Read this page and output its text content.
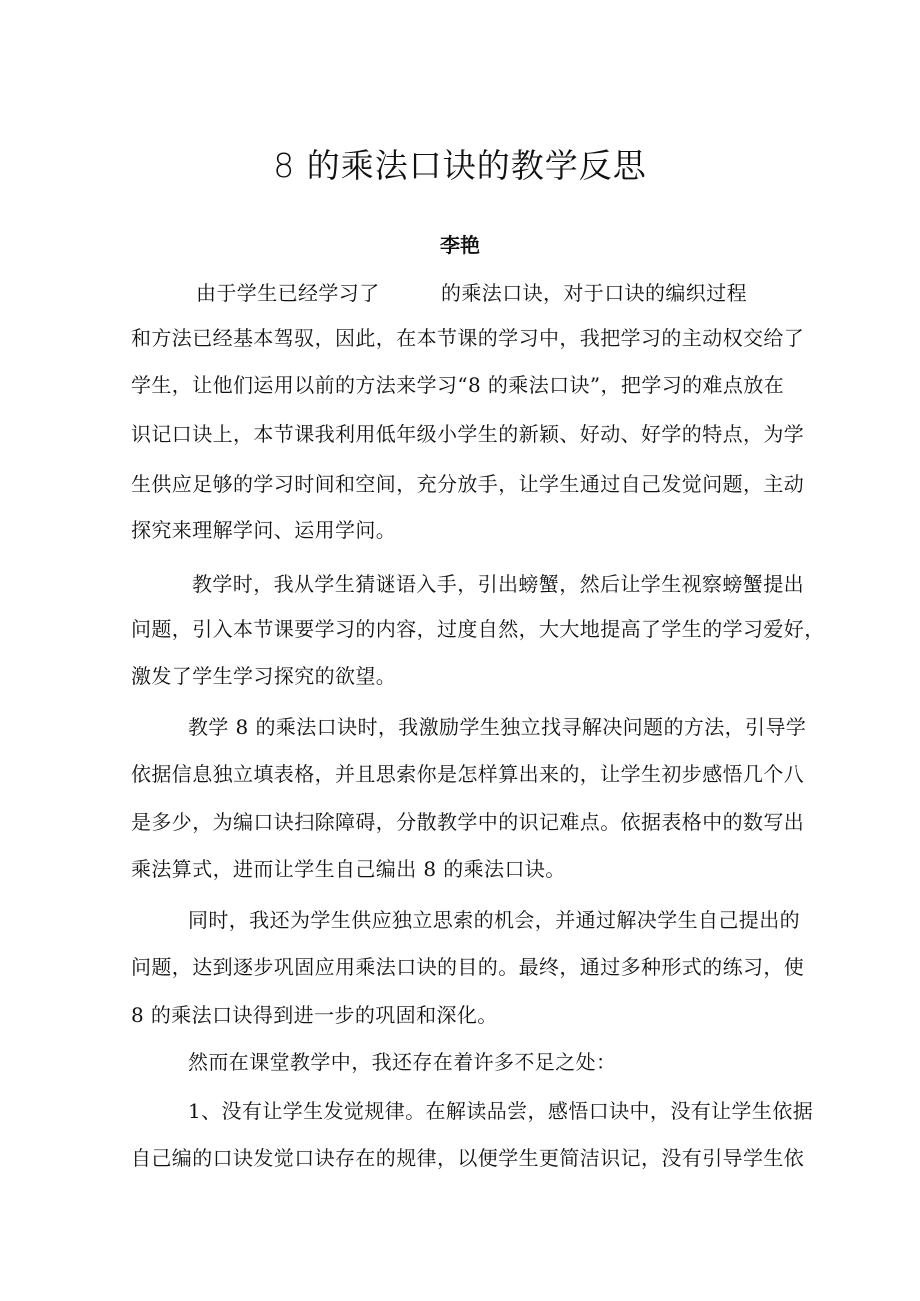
8 的乘法口诀的教学反思
李艳
由于学生已经学习了	的乘法口诀，对于口诀的编织过程
和方法已经基本驾驭，因此，在本节课的学习中，我把学习的主动权交给了
学生，让他们运用以前的方法来学习“8 的乘法口诀”，把学习的难点放在
识记口诀上，本节课我利用低年级小学生的新颖、好动、好学的特点，为学
生供应足够的学习时间和空间，充分放手，让学生通过自己发觉问题，主动
探究来理解学问、运用学问。
教学时，我从学生猜谜语入手，引出螃蟹，然后让学生视察螃蟹提出
问题，引入本节课要学习的内容，过度自然，大大地提高了学生的学习爱好，
激发了学生学习探究的欲望。
教学 8 的乘法口诀时，我激励学生独立找寻解决问题的方法，引导学
依据信息独立填表格，并且思索你是怎样算出来的，让学生初步感悟几个八
是多少，为编口诀扫除障碍，分散教学中的识记难点。依据表格中的数写出
乘法算式，进而让学生自己编出 8 的乘法口诀。
同时，我还为学生供应独立思索的机会，并通过解决学生自己提出的
问题，达到逐步巩固应用乘法口诀的目的。最终，通过多种形式的练习，使
8 的乘法口诀得到进一步的巩固和深化。
然而在课堂教学中，我还存在着许多不足之处：
1、没有让学生发觉规律。在解读品尝，感悟口诀中，没有让学生依据
自己编的口诀发觉口诀存在的规律，以便学生更简洁识记，没有引导学生依
